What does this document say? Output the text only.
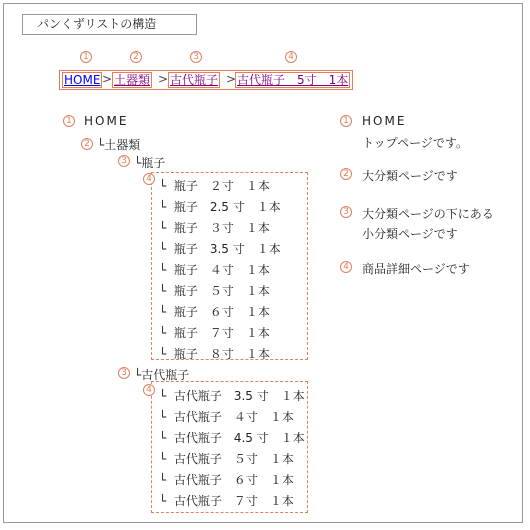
パンくずリストの構造
1	2	3	4
HOME > 土器類 > 古代瓶子 > 古代瓶子　5寸　1本
1 HOME
2 └土器類
3 └瓶子
4
└  瓶子　２寸　１本
└  瓶子　2.5 寸　１本
└  瓶子　３寸　１本
└  瓶子　3.5 寸　１本
└  瓶子　４寸　１本
└  瓶子　５寸　１本
└  瓶子　６寸　１本
└  瓶子　７寸　１本
└  瓶子　８寸　１本
3 └古代瓶子
4 └  古代瓶子　3.5 寸　１本
└  古代瓶子　４寸　１本
└  古代瓶子　4.5 寸　１本
└  古代瓶子　５寸　１本
└  古代瓶子　６寸　１本
└  古代瓶子　７寸　１本
1 HOME
トップページです。
2 大分類ページです
3 大分類ページの下にある
小分類ページです
4 商品詳細ページです
